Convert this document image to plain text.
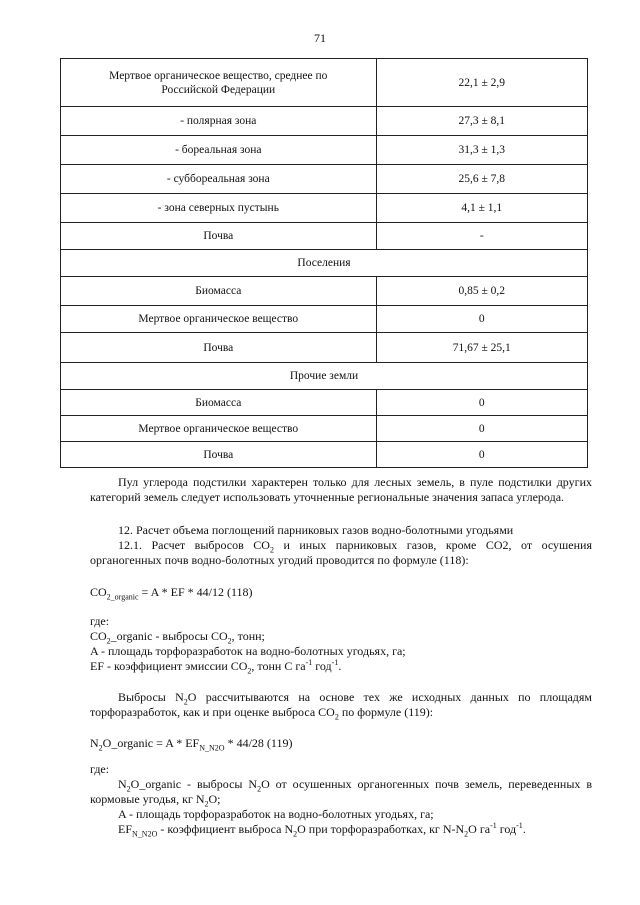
71
Мертвое органическое вещество, среднее по Российской Федерации	22,1 ± 2,9
- полярная зона	27,3 ± 8,1
- бореальная зона	31,3 ± 1,3
- суббореальная зона	25,6 ± 7,8
- зона северных пустынь	4,1 ± 1,1
Почва	-
Поселения	
Биомасса	0,85 ± 0,2
Мертвое органическое вещество	0
Почва	71,67 ± 25,1
Прочие земли	
Биомасса	0
Мертвое органическое вещество	0
Почва	0
Пул углерода подстилки характерен только для лесных земель, в пуле подстилки других категорий земель следует использовать уточненные региональные значения запаса углерода.
12. Расчет объема поглощений парниковых газов водно-болотными угодьями
12.1. Расчет выбросов $CO_2$ и иных парниковых газов, кроме CO2, от осушения органогенных почв водно-болотных угодий проводится по формуле (118):
$CO_{2\_organic} = A$ * EF * 44/12 (118)
где:
$CO_2\_organic$ - выбросы $CO_2$, тонн;
A - площадь торфоразработок на водно-болотных угодьях, га;
EF - коэффициент эмиссии $CO_2$, тонн C $га^{-1}$ год$^{-1}$.
Выбросы $N_2O$ рассчитываются на основе тех же исходных данных по площадям торфоразработок, как и при оценке выброса $CO_2$ по формуле (119):
$N_2O\_organic = A * EF_{N\_N2O} * 44/28$ (119)
где:
$N_2O\_organic$ - выбросы $N_2O$ от осушенных органогенных почв земель, переведенных в кормовые угодья, кг $N_2O$;
A - площадь торфоразработок на водно-болотных угодьях, га;
$EF_{N\_N2O}$ - коэффициент выброса $N_2O$ при торфоразработках, кг $N-N_2O$ $га^{-1}$ год$^{-1}$.
